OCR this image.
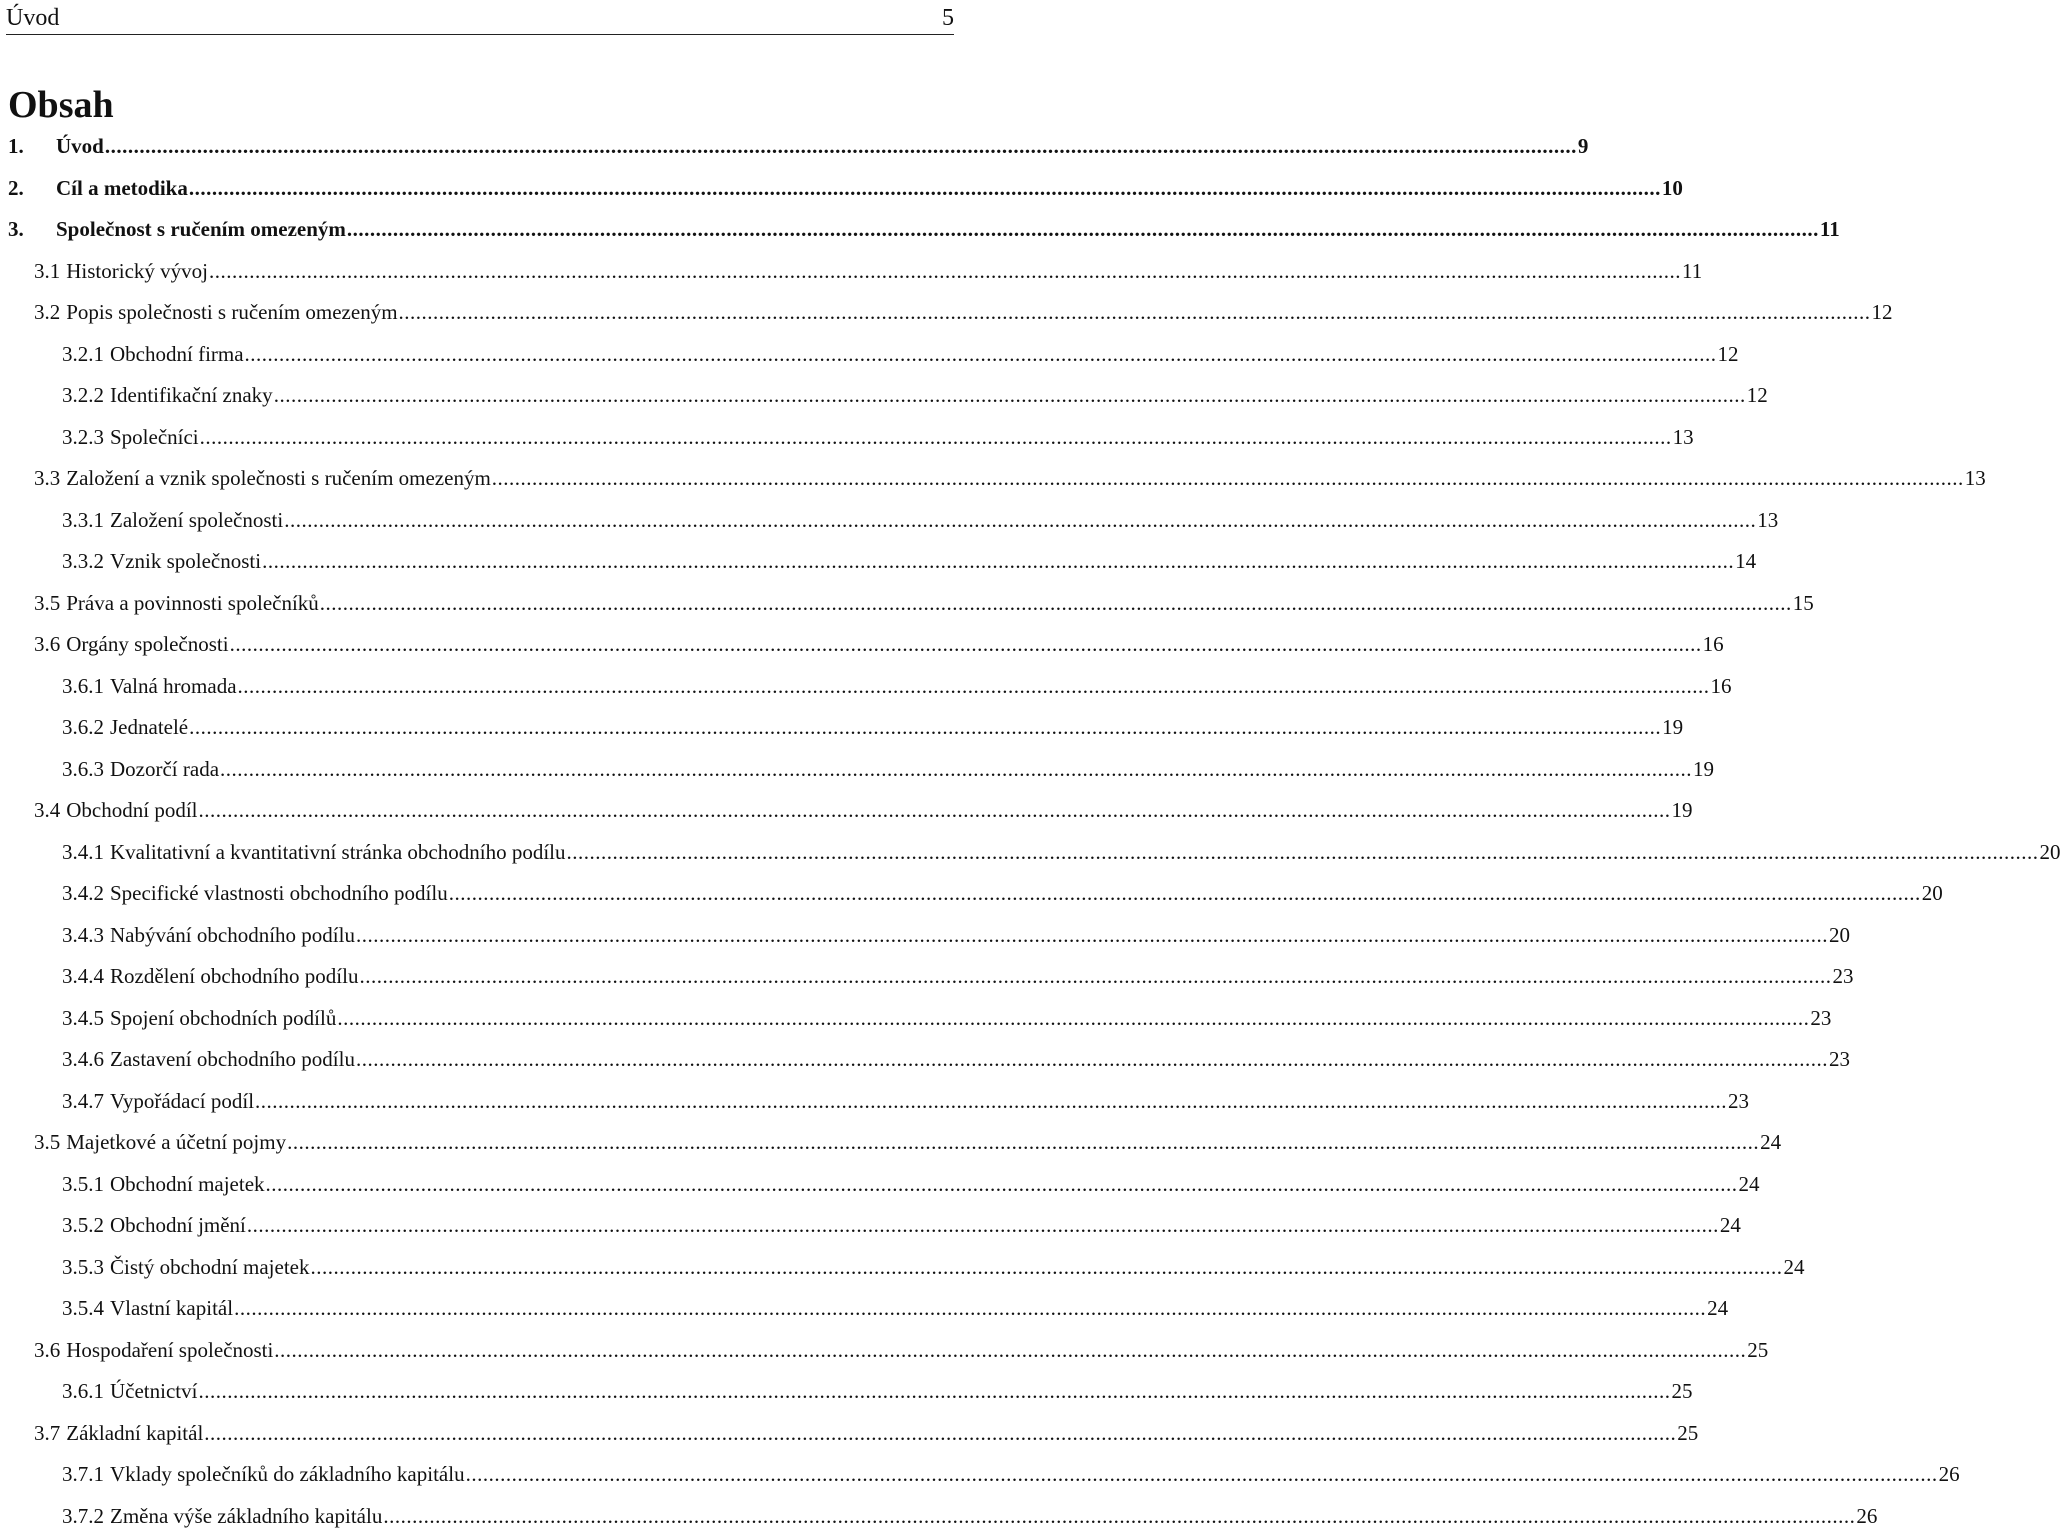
Úvod	5
Obsah
1.	Úvod .....	9
2.	Cíl a metodika .....	10
3.	Společnost s ručením omezeným .....	11
3.1 Historický vývoj .....	11
3.2 Popis společnosti s ručením omezeným .....	12
3.2.1 Obchodní firma .....	12
3.2.2 Identifikační znaky .....	12
3.2.3 Společníci .....	13
3.3 Založení a vznik společnosti s ručením omezeným .....	13
3.3.1 Založení společnosti .....	13
3.3.2 Vznik společnosti .....	14
3.5 Práva a povinnosti společníků .....	15
3.6 Orgány společnosti .....	16
3.6.1 Valná hromada .....	16
3.6.2 Jednatelé .....	19
3.6.3 Dozorčí rada .....	19
3.4 Obchodní podíl .....	19
3.4.1 Kvalitativní a kvantitativní stránka obchodního podílu .....	20
3.4.2 Specifické vlastnosti obchodního podílu .....	20
3.4.3 Nabývání obchodního podílu .....	20
3.4.4 Rozdělení obchodního podílu .....	23
3.4.5 Spojení obchodních podílů .....	23
3.4.6 Zastavení obchodního podílu .....	23
3.4.7 Vypořádací podíl .....	23
3.5 Majetkové a účetní pojmy .....	24
3.5.1 Obchodní majetek .....	24
3.5.2 Obchodní jmění .....	24
3.5.3 Čistý obchodní majetek .....	24
3.5.4 Vlastní kapitál .....	24
3.6 Hospodaření společnosti .....	25
3.6.1 Účetnictví .....	25
3.7 Základní kapitál .....	25
3.7.1 Vklady společníků do základního kapitálu .....	26
3.7.2 Změna výše základního kapitálu .....	26
